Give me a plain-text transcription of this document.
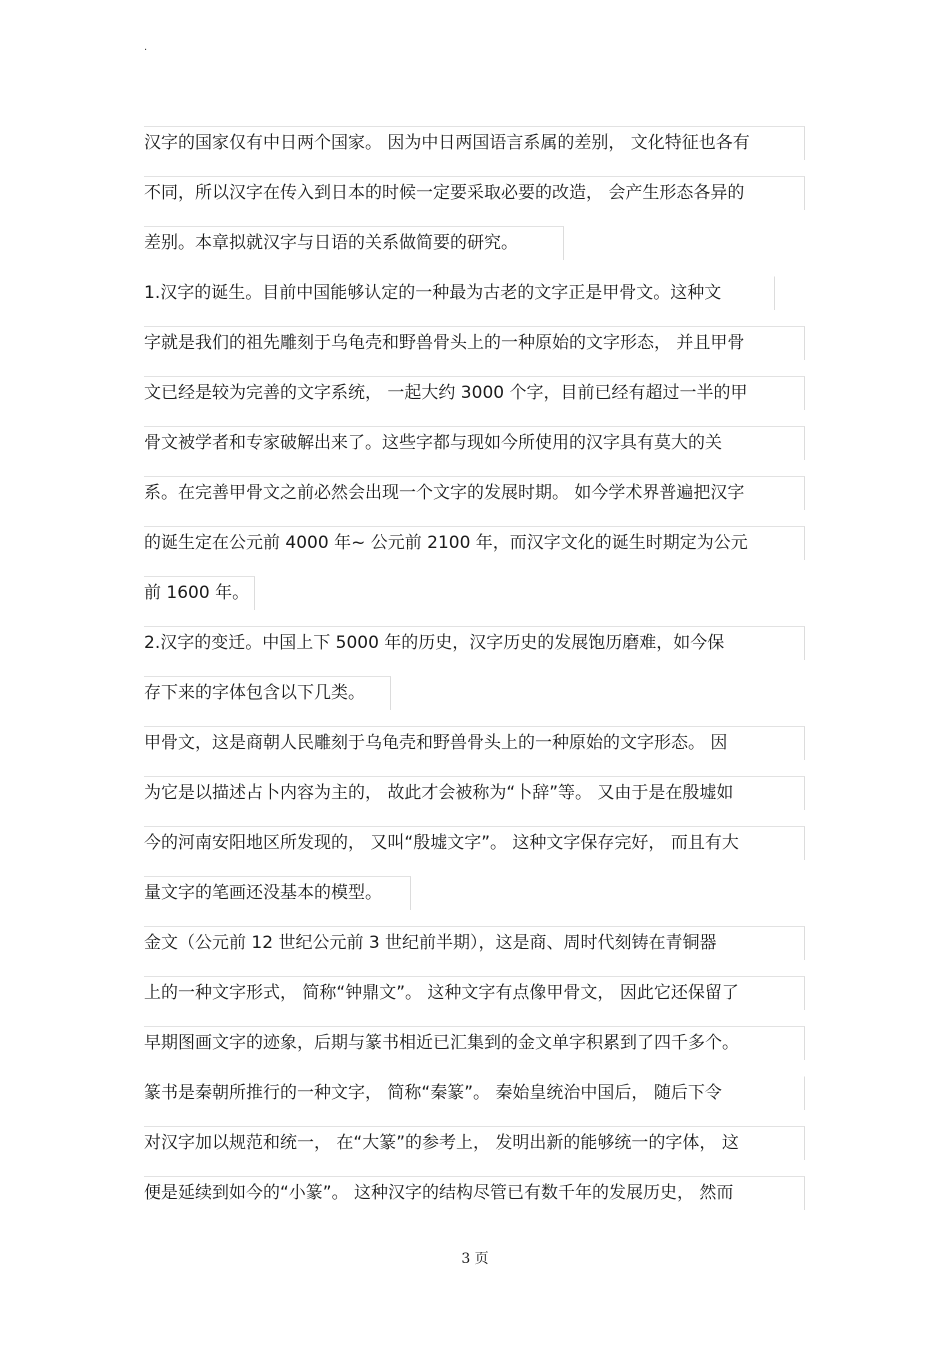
.
汉字的国家仅有中日两个国家。 因为中日两国语言系属的差别， 文化特征也各有
不同，所以汉字在传入到日本的时候一定要采取必要的改造， 会产生形态各异的
差别。本章拟就汉字与日语的关系做简要的研究。
1.汉字的诞生。目前中国能够认定的一种最为古老的文字正是甲骨文。这种文
字就是我们的祖先雕刻于乌龟壳和野兽骨头上的一种原始的文字形态， 并且甲骨
文已经是较为完善的文字系统， 一起大约 3000 个字，目前已经有超过一半的甲
骨文被学者和专家破解出来了。这些字都与现如今所使用的汉字具有莫大的关
系。在完善甲骨文之前必然会出现一个文字的发展时期。 如今学术界普遍把汉字
的诞生定在公元前 4000 年~ 公元前 2100 年，而汉字文化的诞生时期定为公元
前 1600 年。
2.汉字的变迁。中国上下 5000 年的历史，汉字历史的发展饱历磨难，如今保
存下来的字体包含以下几类。
甲骨文，这是商朝人民雕刻于乌龟壳和野兽骨头上的一种原始的文字形态。 因
为它是以描述占卜内容为主的， 故此才会被称为“卜辞”等。 又由于是在殷墟如
今的河南安阳地区所发现的， 又叫“殷墟文字”。 这种文字保存完好， 而且有大
量文字的笔画还没基本的模型。
金文（公元前 12 世纪公元前 3 世纪前半期），这是商、周时代刻铸在青铜器
上的一种文字形式， 简称“钟鼎文”。 这种文字有点像甲骨文， 因此它还保留了
早期图画文字的迹象，后期与篆书相近已汇集到的金文单字积累到了四千多个。
篆书是秦朝所推行的一种文字， 简称“秦篆”。 秦始皇统治中国后， 随后下令
对汉字加以规范和统一， 在“大篆”的参考上， 发明出新的能够统一的字体， 这
便是延续到如今的“小篆”。 这种汉字的结构尽管已有数千年的发展历史， 然而
3 页
